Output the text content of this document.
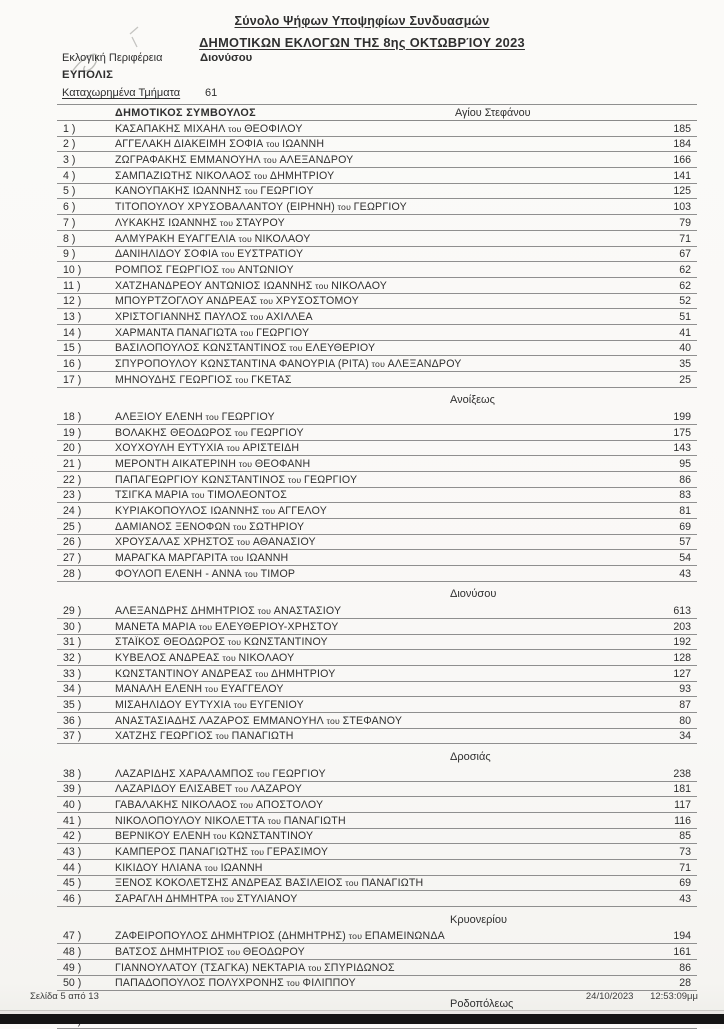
Σύνολο Ψήφων Υποψηφίων Συνδυασμών
ΔΗΜΟΤΙΚΩΝ ΕΚΛΟΓΩΝ ΤΗΣ 8ης ΟΚΤΩΒΡΊΟΥ 2023
Εκλογική Περιφέρεια	Διονύσου
ΕΥΠΟΛΙΣ
Καταχωρημένα Τμήματα 61
ΔΗΜΟΤΙΚΟΣ ΣΥΜΒΟΥΛΟΣ	Αγίου Στεφάνου
1 )	ΚΑΣΑΠΑΚΗΣ ΜΙΧΑΗΛ του ΘΕΟΦΙΛΟΥ	185
2 )	ΑΓΓΕΛΑΚΗ ΔΙΑΚΕΙΜΗ ΣΟΦΙΑ του ΙΩΑΝΝΗ	184
3 )	ΖΩΓΡΑΦΑΚΗΣ ΕΜΜΑΝΟΥΗΛ του ΑΛΕΞΑΝΔΡΟΥ	166
4 )	ΣΑΜΠΑΖΙΩΤΗΣ ΝΙΚΟΛΑΟΣ του ΔΗΜΗΤΡΙΟΥ	141
5 )	ΚΑΝΟΥΠΑΚΗΣ ΙΩΑΝΝΗΣ του ΓΕΩΡΓΙΟΥ	125
6 )	ΤΙΤΟΠΟΥΛΟΥ ΧΡΥΣΟΒΑΛΑΝΤΟΥ (ΕΙΡΗΝΗ) του ΓΕΩΡΓΙΟΥ	103
7 )	ΛΥΚΑΚΗΣ ΙΩΑΝΝΗΣ του ΣΤΑΥΡΟΥ	79
8 )	ΑΛΜΥΡΑΚΗ ΕΥΑΓΓΕΛΙΑ του ΝΙΚΟΛΑΟΥ	71
9 )	ΔΑΝΙΗΛΙΔΟΥ ΣΟΦΙΑ του ΕΥΣΤΡΑΤΙΟΥ	67
10 )	ΡΟΜΠΟΣ ΓΕΩΡΓΙΟΣ του ΑΝΤΩΝΙΟΥ	62
11 )	ΧΑΤΖΗΑΝΔΡΕΟΥ ΑΝΤΩΝΙΟΣ ΙΩΑΝΝΗΣ του ΝΙΚΟΛΑΟΥ	62
12 )	ΜΠΟΥΡΤΖΟΓΛΟΥ ΑΝΔΡΕΑΣ του ΧΡΥΣΟΣΤΟΜΟΥ	52
13 )	ΧΡΙΣΤΟΓΙΑΝΝΗΣ ΠΑΥΛΟΣ του ΑΧΙΛΛΕΑ	51
14 )	ΧΑΡΜΑΝΤΑ ΠΑΝΑΓΙΩΤΑ του ΓΕΩΡΓΙΟΥ	41
15 )	ΒΑΣΙΛΟΠΟΥΛΟΣ ΚΩΝΣΤΑΝΤΙΝΟΣ του ΕΛΕΥΘΕΡΙΟΥ	40
16 )	ΣΠΥΡΟΠΟΥΛΟΥ ΚΩΝΣΤΑΝΤΙΝΑ ΦΑΝΟΥΡΙΑ (ΡΙΤΑ) του ΑΛΕΞΑΝΔΡΟΥ	35
17 )	ΜΗΝΟΥΔΗΣ ΓΕΩΡΓΙΟΣ του ΓΚΕΤΑΣ	25
Ανοίξεως
18 )	ΑΛΕΞΙΟΥ ΕΛΕΝΗ του ΓΕΩΡΓΙΟΥ	199
19 )	ΒΟΛΑΚΗΣ ΘΕΟΔΩΡΟΣ του ΓΕΩΡΓΙΟΥ	175
20 )	ΧΟΥΧΟΥΛΗ ΕΥΤΥΧΙΑ του ΑΡΙΣΤΕΙΔΗ	143
21 )	ΜΕΡΟΝΤΗ ΑΙΚΑΤΕΡΙΝΗ του ΘΕΟΦΑΝΗ	95
22 )	ΠΑΠΑΓΕΩΡΓΙΟΥ ΚΩΝΣΤΑΝΤΙΝΟΣ του ΓΕΩΡΓΙΟΥ	86
23 )	ΤΣΙΓΚΑ ΜΑΡΙΑ του ΤΙΜΟΛΕΟΝΤΟΣ	83
24 )	ΚΥΡΙΑΚΟΠΟΥΛΟΣ ΙΩΑΝΝΗΣ του ΑΓΓΕΛΟΥ	81
25 )	ΔΑΜΙΑΝΟΣ ΞΕΝΟΦΩΝ του ΣΩΤΗΡΙΟΥ	69
26 )	ΧΡΟΥΣΑΛΑΣ ΧΡΗΣΤΟΣ του ΑΘΑΝΑΣΙΟΥ	57
27 )	ΜΑΡΑΓΚΑ ΜΑΡΓΑΡΙΤΑ του ΙΩΑΝΝΗ	54
28 )	ΦΟΥΛΟΠ ΕΛΕΝΗ - ΑΝΝΑ του ΤΙΜΟΡ	43
Διονύσου
29 )	ΑΛΕΞΑΝΔΡΗΣ ΔΗΜΗΤΡΙΟΣ του ΑΝΑΣΤΑΣΙΟΥ	613
30 )	ΜΑΝΕΤΑ ΜΑΡΙΑ του ΕΛΕΥΘΕΡΙΟΥ-ΧΡΗΣΤΟΥ	203
31 )	ΣΤΑΪΚΟΣ ΘΕΟΔΩΡΟΣ του ΚΩΝΣΤΑΝΤΙΝΟΥ	192
32 )	ΚΥΒΕΛΟΣ ΑΝΔΡΕΑΣ του ΝΙΚΟΛΑΟΥ	128
33 )	ΚΩΝΣΤΑΝΤΙΝΟΥ ΑΝΔΡΕΑΣ του ΔΗΜΗΤΡΙΟΥ	127
34 )	ΜΑΝΑΛΗ ΕΛΕΝΗ του ΕΥΑΓΓΕΛΟΥ	93
35 )	ΜΙΣΑΗΛΙΔΟΥ ΕΥΤΥΧΙΑ του ΕΥΓΕΝΙΟΥ	87
36 )	ΑΝΑΣΤΑΣΙΑΔΗΣ ΛΑΖΑΡΟΣ ΕΜΜΑΝΟΥΗΛ του ΣΤΕΦΑΝΟΥ	80
37 )	ΧΑΤΖΗΣ ΓΕΩΡΓΙΟΣ του ΠΑΝΑΓΙΩΤΗ	34
Δροσιάς
38 )	ΛΑΖΑΡΙΔΗΣ ΧΑΡΑΛΑΜΠΟΣ του ΓΕΩΡΓΙΟΥ	238
39 )	ΛΑΖΑΡΙΔΟΥ ΕΛΙΣΑΒΕΤ του ΛΑΖΑΡΟΥ	181
40 )	ΓΑΒΑΛΑΚΗΣ ΝΙΚΟΛΑΟΣ του ΑΠΟΣΤΟΛΟΥ	117
41 )	ΝΙΚΟΛΟΠΟΥΛΟΥ ΝΙΚΟΛΕΤΤΑ του ΠΑΝΑΓΙΩΤΗ	116
42 )	ΒΕΡΝΙΚΟΥ ΕΛΕΝΗ του ΚΩΝΣΤΑΝΤΙΝΟΥ	85
43 )	ΚΑΜΠΕΡΟΣ ΠΑΝΑΓΙΩΤΗΣ του ΓΕΡΑΣΙΜΟΥ	73
44 )	ΚΙΚΙΔΟΥ ΗΛΙΑΝΑ του ΙΩΑΝΝΗ	71
45 )	ΞΕΝΟΣ ΚΟΚΟΛΕΤΣΗΣ ΑΝΔΡΕΑΣ ΒΑΣΙΛΕΙΟΣ του ΠΑΝΑΓΙΩΤΗ	69
46 )	ΣΑΡΑΓΛΗ ΔΗΜΗΤΡΑ του ΣΤΥΛΙΑΝΟΥ	43
Κρυονερίου
47 )	ΖΑΦΕΙΡΟΠΟΥΛΟΣ ΔΗΜΗΤΡΙΟΣ (ΔΗΜΗΤΡΗΣ) του ΕΠΑΜΕΙΝΩΝΔΑ	194
48 )	ΒΑΤΣΟΣ ΔΗΜΗΤΡΙΟΣ του ΘΕΟΔΩΡΟΥ	161
49 )	ΓΙΑΝΝΟΥΛΑΤΟΥ (ΤΣΑΓΚΑ) ΝΕΚΤΑΡΙΑ του ΣΠΥΡΙΔΩΝΟΣ	86
50 )	ΠΑΠΑΔΟΠΟΥΛΟΣ ΠΟΛΥΧΡΟΝΗΣ του ΦΙΛΙΠΠΟΥ	28
Ροδοπόλεως
Σελίδα 5 από 13	24/10/2023 12:53:09μμ
